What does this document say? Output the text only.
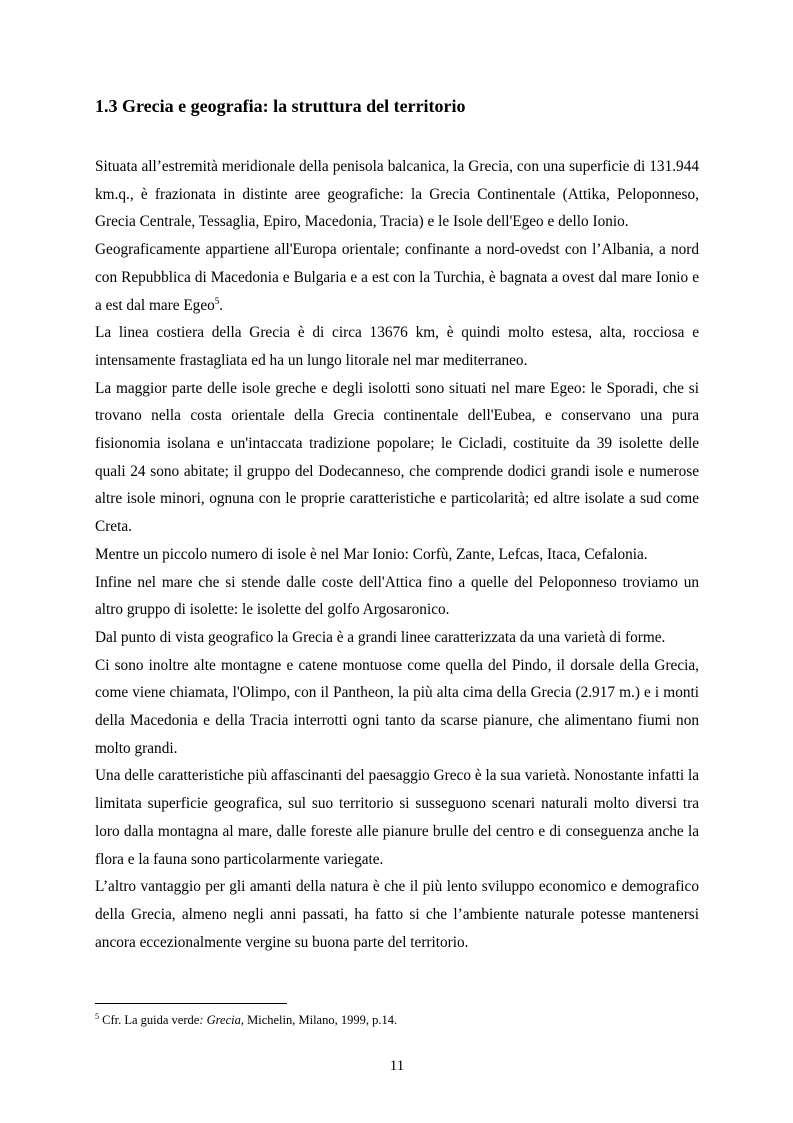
1.3 Grecia e geografia: la struttura del territorio

Situata all’estremità meridionale della penisola balcanica, la Grecia, con una superficie di 131.944 km.q., è frazionata in distinte aree geografiche: la Grecia Continentale (Attika, Peloponneso, Grecia Centrale, Tessaglia, Epiro, Macedonia, Tracia) e le Isole dell'Egeo e dello Ionio.

Geograficamente appartiene all'Europa orientale; confinante a nord-ovedst con l’Albania, a nord con Repubblica di Macedonia e Bulgaria e a est con la Turchia, è bagnata a ovest dal mare Ionio e a est dal mare Egeo$^5$.

La linea costiera della Grecia è di circa 13676 km, è quindi molto estesa, alta, rocciosa e intensamente frastagliata ed ha un lungo litorale nel mar mediterraneo.

La maggior parte delle isole greche e degli isolotti sono situati nel mare Egeo: le Sporadi, che si trovano nella costa orientale della Grecia continentale dell'Eubea, e conservano una pura fisionomia isolana e un'intaccata tradizione popolare; le Cicladi, costituite da 39 isolette delle quali 24 sono abitate; il gruppo del Dodecanneso, che comprende dodici grandi isole e numerose altre isole minori, ognuna con le proprie caratteristiche e particolarità; ed altre isolate a sud come Creta.

Mentre un piccolo numero di isole è nel Mar Ionio: Corfù, Zante, Lefcas, Itaca, Cefalonia.

Infine nel mare che si stende dalle coste dell'Attica fino a quelle del Peloponneso troviamo un altro gruppo di isolette: le isolette del golfo Argosaronico.

Dal punto di vista geografico la Grecia è a grandi linee caratterizzata da una varietà di forme.

Ci sono inoltre alte montagne e catene montuose come quella del Pindo, il dorsale della Grecia, come viene chiamata, l'Olimpo, con il Pantheon, la più alta cima della Grecia (2.917 m.) e i monti della Macedonia e della Tracia interrotti ogni tanto da scarse pianure, che alimentano fiumi non molto grandi.

Una delle caratteristiche più affascinanti del paesaggio Greco è la sua varietà. Nonostante infatti la limitata superficie geografica, sul suo territorio si susseguono scenari naturali molto diversi tra loro dalla montagna al mare, dalle foreste alle pianure brulle del centro e di conseguenza anche la flora e la fauna sono particolarmente variegate.

L’altro vantaggio per gli amanti della natura è che il più lento sviluppo economico e demografico della Grecia, almeno negli anni passati, ha fatto si che l’ambiente naturale potesse mantenersi ancora eccezionalmente vergine su buona parte del territorio.

$^5$ Cfr. La guida verde: Grecia, Michelin, Milano, 1999, p.14.
11
